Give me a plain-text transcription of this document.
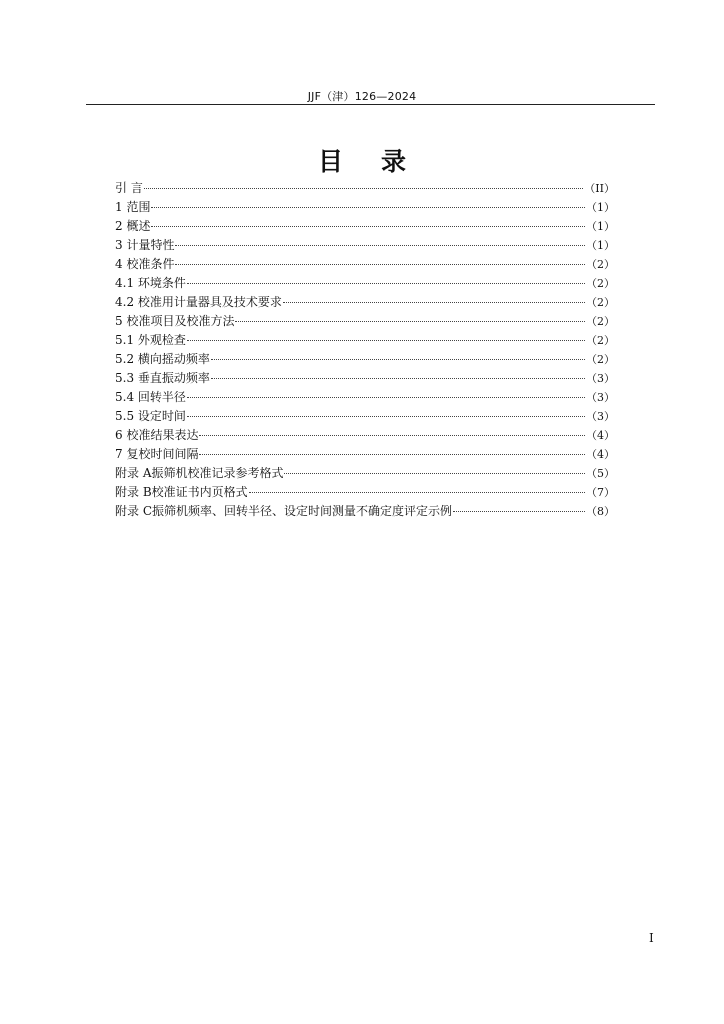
JJF（津）126—2024
目录
引 言	（II）
1 范围	（1）
2 概述	（1）
3 计量特性	（1）
4 校准条件	（2）
4.1 环境条件	（2）
4.2 校准用计量器具及技术要求	（2）
5 校准项目及校准方法	（2）
5.1 外观检查	（2）
5.2 横向摇动频率	（2）
5.3 垂直振动频率	（3）
5.4 回转半径	（3）
5.5 设定时间	（3）
6 校准结果表达	（4）
7 复校时间间隔	（4）
附录 A振筛机校准记录参考格式	（5）
附录 B校准证书内页格式	（7）
附录 C振筛机频率、回转半径、设定时间测量不确定度评定示例	（8）
I
